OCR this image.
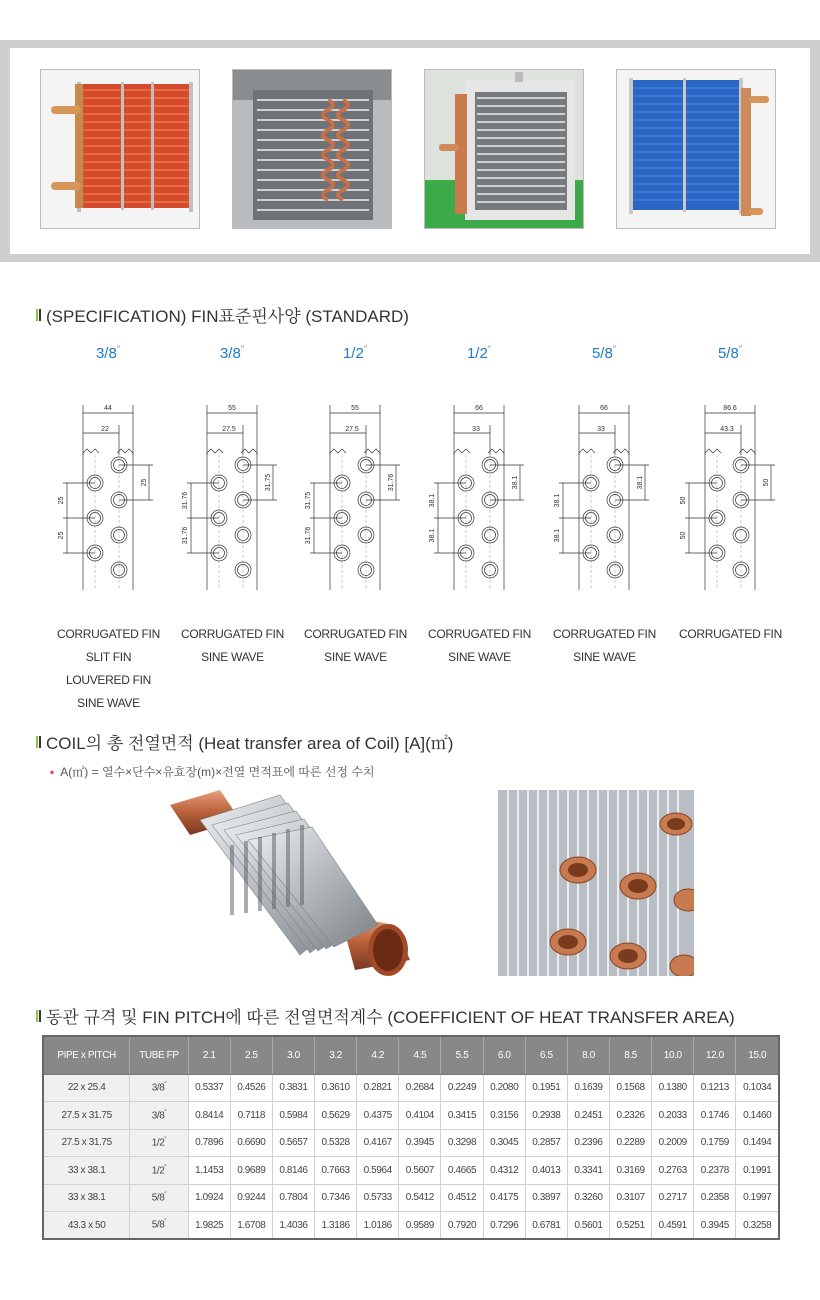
(SPECIFICATION) FIN표준핀사양 (STANDARD)
3/8″	3/8″	1/2″	1/2″	5/8″	5/8″
44
22
25
25
25
55
27.5
31.76
31.76
31.75
55
27.5
31.75
31.76
31.76
66
33
38.1
38.1
38.1
66
33
38.1
38.1
38.1
86.6
43.3
50
50
50
CORRUGATED FIN
SLIT FIN
LOUVERED FIN
SINE WAVE
CORRUGATED FIN
SINE WAVE
CORRUGATED FIN
SINE WAVE
CORRUGATED FIN
SINE WAVE
CORRUGATED FIN
SINE WAVE
CORRUGATED FIN
COIL의 총 전열면적 (Heat transfer area of Coil) [A](㎡)
▪ A(㎡) = 열수×단수×유효장(m)×전열 면적표에 따른 선정 수치
동관 규격 및 FIN PITCH에 따른 전열면적계수 (COEFFICIENT OF HEAT TRANSFER AREA)
PIPE x PITCH	TUBE FP	2.1	2.5	3.0	3.2	4.2	4.5	5.5	6.0	6.5	8.0	8.5	10.0	12.0	15.0
22 x 25.4	3/8″	0.5337	0.4526	0.3831	0.3610	0.2821	0.2684	0.2249	0.2080	0.1951	0.1639	0.1568	0.1380	0.1213	0.1034
27.5 x 31.75	3/8″	0.8414	0.7118	0.5984	0.5629	0.4375	0.4104	0.3415	0.3156	0.2938	0.2451	0.2326	0.2033	0.1746	0.1460
27.5 x 31.75	1/2″	0.7896	0.6690	0.5657	0.5328	0.4167	0.3945	0.3298	0.3045	0.2857	0.2396	0.2289	0.2009	0.1759	0.1494
33 x 38.1	1/2″	1.1453	0.9689	0.8146	0.7663	0.5964	0.5607	0.4665	0.4312	0.4013	0.3341	0.3169	0.2763	0.2378	0.1991
33 x 38.1	5/8″	1.0924	0.9244	0.7804	0.7346	0.5733	0.5412	0.4512	0.4175	0.3897	0.3260	0.3107	0.2717	0.2358	0.1997
43.3 x 50	5/8″	1.9825	1.6708	1.4036	1.3186	1.0186	0.9589	0.7920	0.7296	0.6781	0.5601	0.5251	0.4591	0.3945	0.3258
